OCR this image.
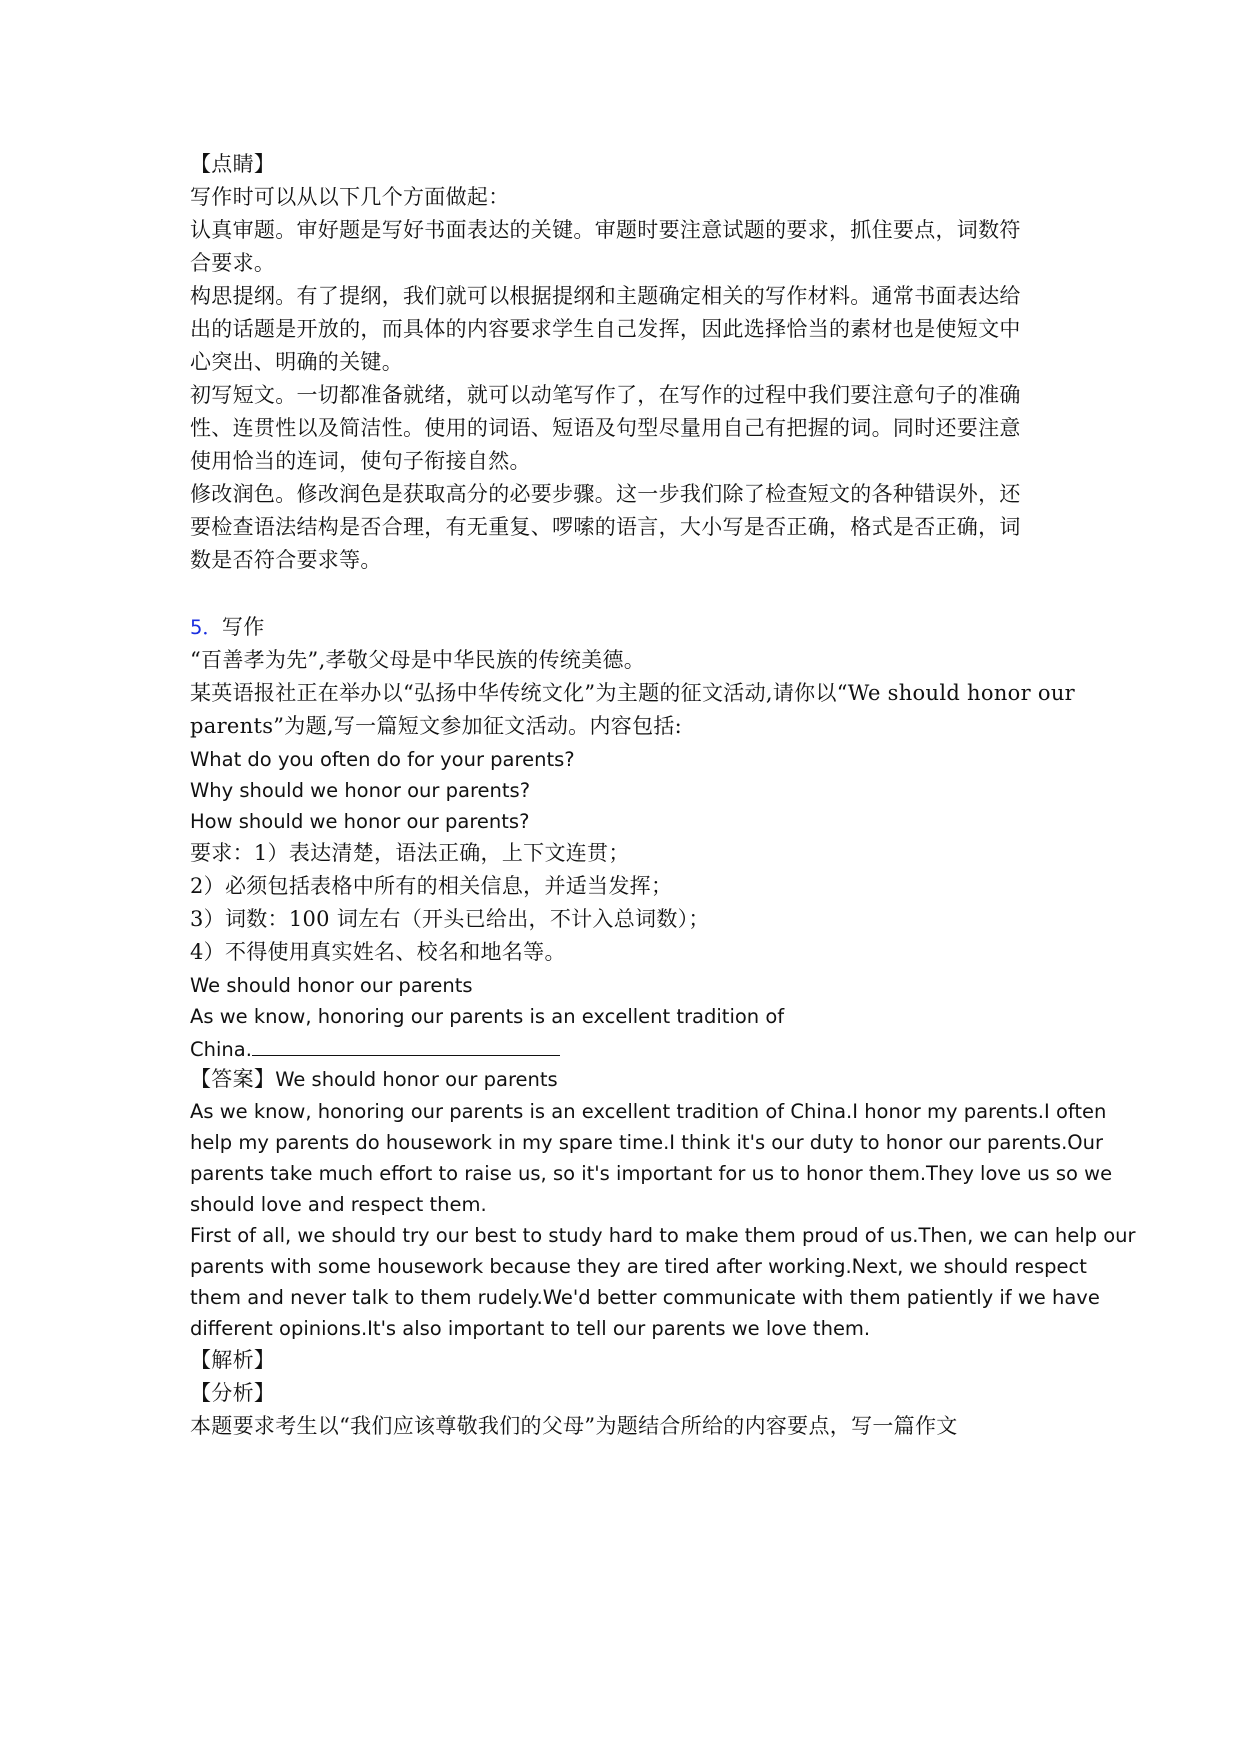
【点睛】
写作时可以从以下几个方面做起：
认真审题。审好题是写好书面表达的关键。审题时要注意试题的要求，抓住要点，词数符
合要求。
构思提纲。有了提纲，我们就可以根据提纲和主题确定相关的写作材料。通常书面表达给
出的话题是开放的，而具体的内容要求学生自己发挥，因此选择恰当的素材也是使短文中
心突出、明确的关键。
初写短文。一切都准备就绪，就可以动笔写作了，在写作的过程中我们要注意句子的准确
性、连贯性以及简洁性。使用的词语、短语及句型尽量用自己有把握的词。同时还要注意
使用恰当的连词，使句子衔接自然。
修改润色。修改润色是获取高分的必要步骤。这一步我们除了检查短文的各种错误外，还
要检查语法结构是否合理，有无重复、啰嗦的语言，大小写是否正确，格式是否正确，词
数是否符合要求等。
5．写作
“百善孝为先”,孝敬父母是中华民族的传统美德。
某英语报社正在举办以“弘扬中华传统文化”为主题的征文活动,请你以“We should honor our
parents”为题,写一篇短文参加征文活动。内容包括:
What do you often do for your parents?
Why should we honor our parents?
How should we honor our parents?
要求：1）表达清楚，语法正确，上下文连贯；
2）必须包括表格中所有的相关信息，并适当发挥；
3）词数：100 词左右（开头已给出，不计入总词数）；
4）不得使用真实姓名、校名和地名等。
We should honor our parents
As we know, honoring our parents is an excellent tradition of
China.
【答案】We should honor our parents
As we know, honoring our parents is an excellent tradition of China.I honor my parents.I often
help my parents do housework in my spare time.I think it's our duty to honor our parents.Our
parents take much effort to raise us, so it's important for us to honor them.They love us so we
should love and respect them.
First of all, we should try our best to study hard to make them proud of us.Then, we can help our
parents with some housework because they are tired after working.Next, we should respect
them and never talk to them rudely.We'd better communicate with them patiently if we have
different opinions.It's also important to tell our parents we love them.
【解析】
【分析】
本题要求考生以“我们应该尊敬我们的父母”为题结合所给的内容要点，写一篇作文
